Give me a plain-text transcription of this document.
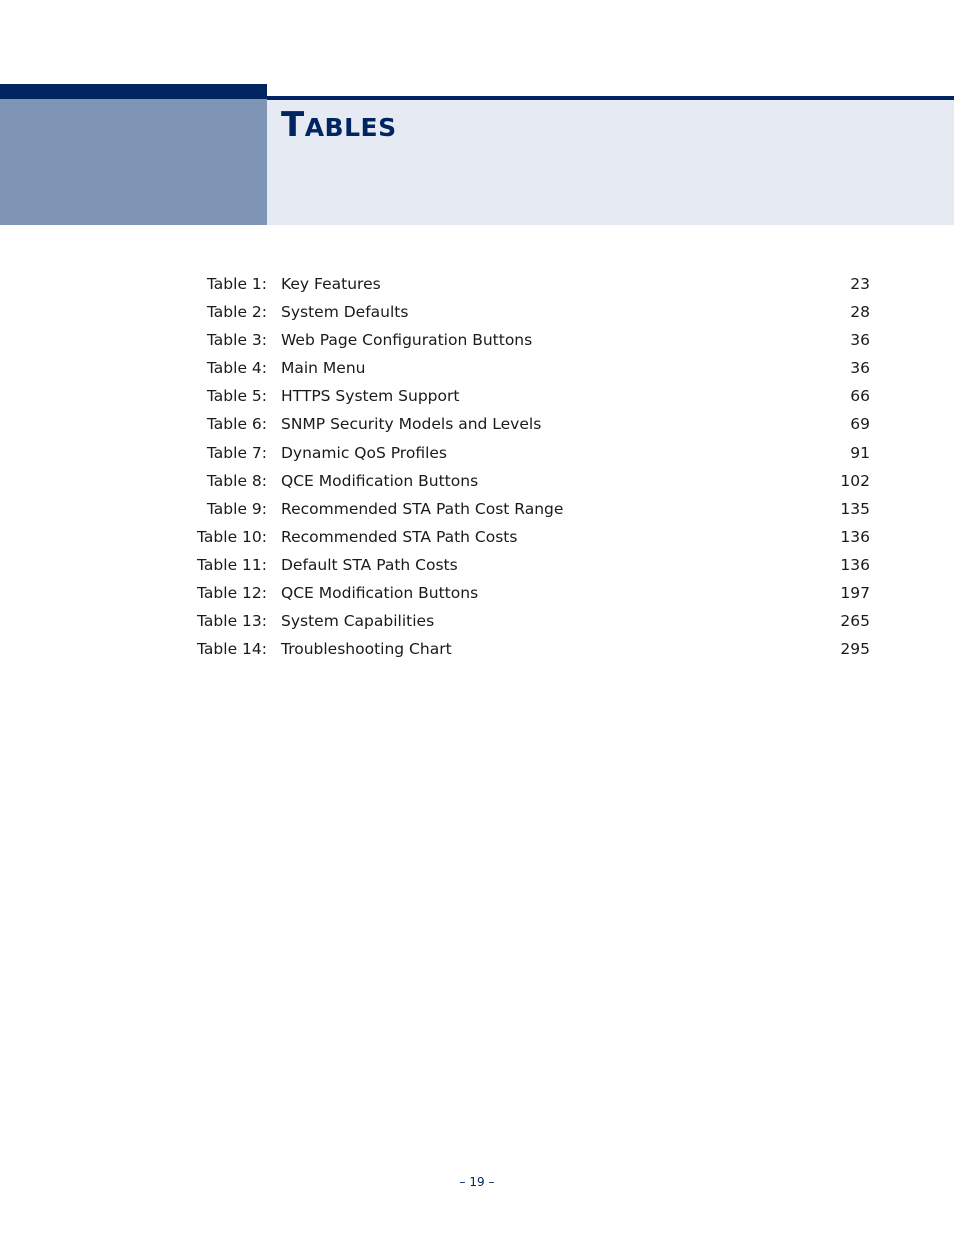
TABLES
Table 1: Key Features	23
Table 2: System Defaults	28
Table 3: Web Page Configuration Buttons	36
Table 4: Main Menu	36
Table 5: HTTPS System Support	66
Table 6: SNMP Security Models and Levels	69
Table 7: Dynamic QoS Profiles	91
Table 8: QCE Modification Buttons	102
Table 9: Recommended STA Path Cost Range	135
Table 10: Recommended STA Path Costs	136
Table 11: Default STA Path Costs	136
Table 12: QCE Modification Buttons	197
Table 13: System Capabilities	265
Table 14: Troubleshooting Chart	295
– 19 –
